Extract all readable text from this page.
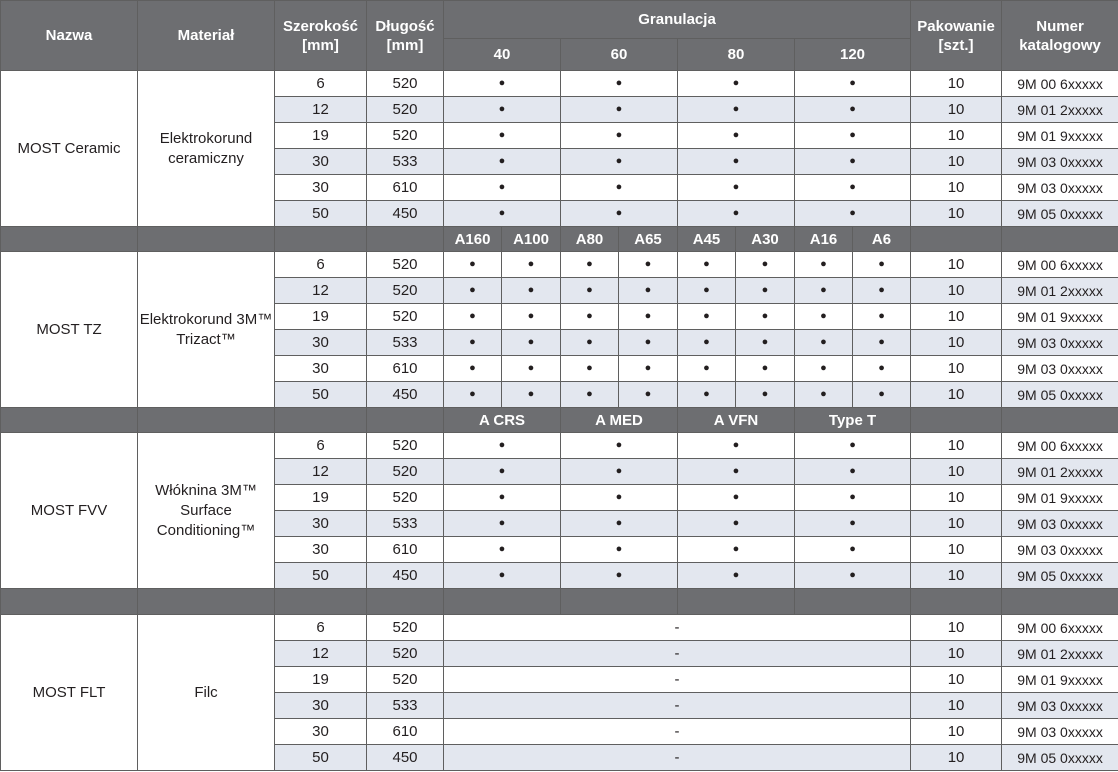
Nazwa	Materiał	Szerokość [mm]	Długość [mm]	Granulacja								Pakowanie [szt.]	Numer katalogowy
				40		60		80		120			
MOST Ceramic	Elektrokorund ceramiczny	6	520	●		●		●		●		10	9M 00 6xxxxx
		12	520	●		●		●		●		10	9M 01 2xxxxx
		19	520	●		●		●		●		10	9M 01 9xxxxx
		30	533	●		●		●		●		10	9M 03 0xxxxx
		30	610	●		●		●		●		10	9M 03 0xxxxx
		50	450	●		●		●		●		10	9M 05 0xxxxx
				A160	A100	A80	A65	A45	A30	A16	A6		
MOST TZ	Elektrokorund 3M™ Trizact™	6	520	●	●	●	●	●	●	●	●	10	9M 00 6xxxxx
		12	520	●	●	●	●	●	●	●	●	10	9M 01 2xxxxx
		19	520	●	●	●	●	●	●	●	●	10	9M 01 9xxxxx
		30	533	●	●	●	●	●	●	●	●	10	9M 03 0xxxxx
		30	610	●	●	●	●	●	●	●	●	10	9M 03 0xxxxx
		50	450	●	●	●	●	●	●	●	●	10	9M 05 0xxxxx
				A CRS		A MED		A VFN		Type T			
MOST FVV	Włóknina 3M™ Surface Conditioning™	6	520	●		●		●		●		10	9M 00 6xxxxx
		12	520	●		●		●		●		10	9M 01 2xxxxx
		19	520	●		●		●		●		10	9M 01 9xxxxx
		30	533	●		●		●		●		10	9M 03 0xxxxx
		30	610	●		●		●		●		10	9M 03 0xxxxx
		50	450	●		●		●		●		10	9M 05 0xxxxx

MOST FLT	Filc	6	520	-								10	9M 00 6xxxxx
		12	520	-								10	9M 01 2xxxxx
		19	520	-								10	9M 01 9xxxxx
		30	533	-								10	9M 03 0xxxxx
		30	610	-								10	9M 03 0xxxxx
		50	450	-								10	9M 05 0xxxxx
